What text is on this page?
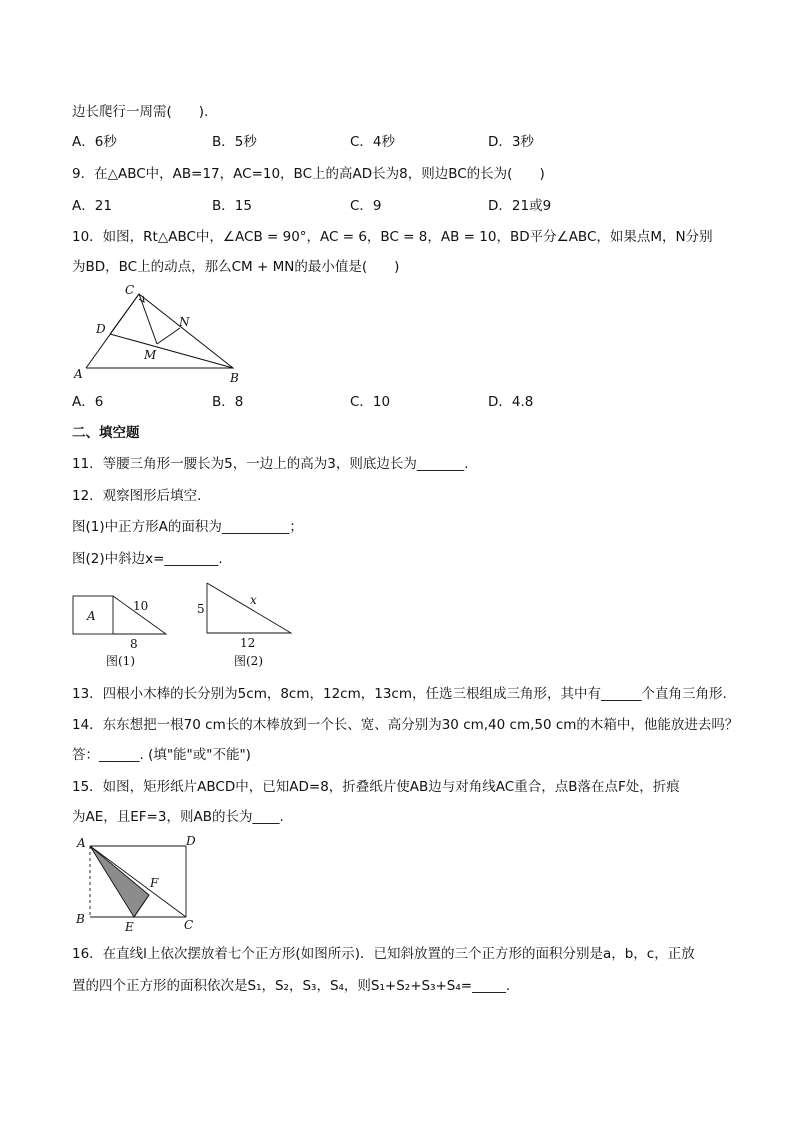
边长爬行一周需(　　).
A．6秒	B．5秒	C．4秒	D．3秒
9．在△ABC中，AB=17，AC=10，BC上的高AD长为8，则边BC的长为(　　)
A．21	B．15	C．9	D．21或9
10．如图，Rt△ABC中，∠ACB = 90°，AC = 6，BC = 8，AB = 10，BD平分∠ABC，如果点M，N分别
为BD，BC上的动点，那么CM + MN的最小值是(　　)
C
D	N
M
A	B
A．6	B．8	C．10	D．4.8
二、填空题
11．等腰三角形一腰长为5，一边上的高为3，则底边长为_______.
12．观察图形后填空．
图(1)中正方形A的面积为__________；
图(2)中斜边x=________.
A
10
8
图(1)
5
x
12
图(2)
13．四根小木棒的长分别为5cm，8cm，12cm，13cm，任选三根组成三角形，其中有______个直角三角形.
14．东东想把一根70 cm长的木棒放到一个长、宽、高分别为30 cm,40 cm,50 cm的木箱中，他能放进去吗？
答：______. (填"能"或"不能")
15．如图，矩形纸片ABCD中，已知AD=8，折叠纸片使AB边与对角线AC重合，点B落在点F处，折痕
为AE，且EF=3，则AB的长为____.
A	D
F
B
E	C
16．在直线l上依次摆放着七个正方形(如图所示)．已知斜放置的三个正方形的面积分别是a，b，c，正放
置的四个正方形的面积依次是S₁，S₂，S₃，S₄，则S₁+S₂+S₃+S₄=_____.
